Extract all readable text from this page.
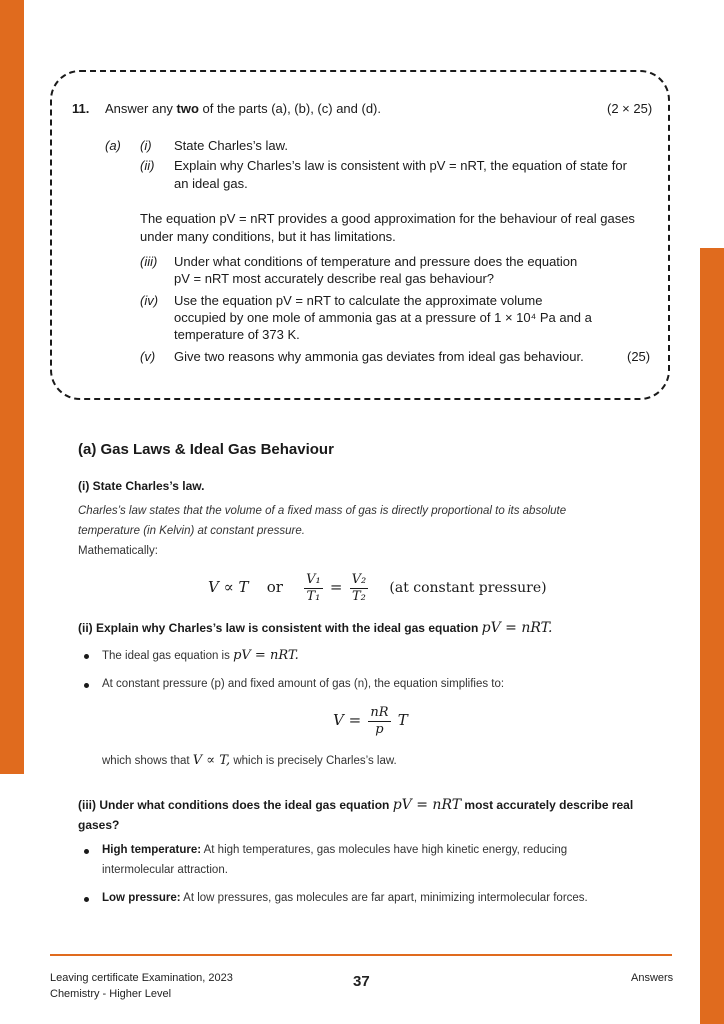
11. Answer any two of the parts (a), (b), (c) and (d).	(2 × 25)
(a) (i) State Charles’s law.
(ii) Explain why Charles’s law is consistent with pV = nRT, the equation of state for
an ideal gas.
The equation pV = nRT provides a good approximation for the behaviour of real gases
under many conditions, but it has limitations.
(iii) Under what conditions of temperature and pressure does the equation
pV = nRT most accurately describe real gas behaviour?
(iv) Use the equation pV = nRT to calculate the approximate volume
occupied by one mole of ammonia gas at a pressure of 1 × 10⁴ Pa and a
temperature of 373 K.
(v) Give two reasons why ammonia gas deviates from ideal gas behaviour.	(25)
(a) Gas Laws & Ideal Gas Behaviour
(i) State Charles’s law.
Charles’s law states that the volume of a fixed mass of gas is directly proportional to its absolute
temperature (in Kelvin) at constant pressure.
Mathematically:
V ∝ T or $\frac{\text{V₁}}{\text{T₁}} = \frac{\text{V₂}}{\text{T₂}} (at$ constant pressure)
(ii) Explain why Charles’s law is consistent with the ideal gas equation pV = nRT.
The ideal gas equation is pV = nRT.
At constant pressure (p) and fixed amount of gas (n), the equation simplifies to:
$V = \frac{nR}{p}$ T
which shows that V ∝ T, which is precisely Charles’s law.
(iii) Under what conditions does the ideal gas equation pV = nRT most accurately describe real
gases?
High temperature: At high temperatures, gas molecules have high kinetic energy, reducing
intermolecular attraction.
Low pressure: At low pressures, gas molecules are far apart, minimizing intermolecular forces.
Leaving certificate Examination, 2023
Chemistry - Higher Level
37	Answers
